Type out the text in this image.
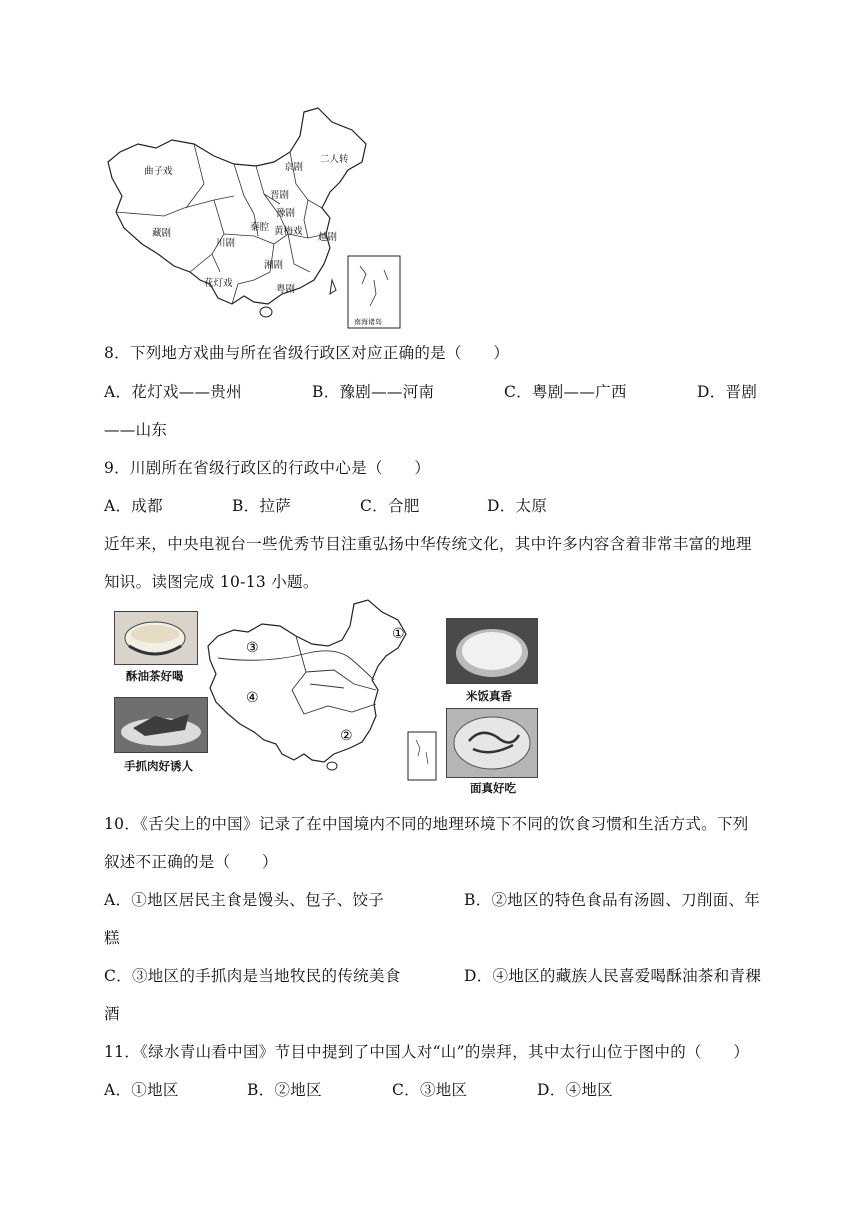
曲子戏
二人转
京剧
晋剧
豫剧
秦腔 黄梅戏
越剧
川剧
藏剧
湘剧
花灯戏
粤剧
南海诸岛
8．下列地方戏曲与所在省级行政区对应正确的是（　　）
A．花灯戏——贵州	B．豫剧——河南	C．粤剧——广西	D．晋剧
——山东
9．川剧所在省级行政区的行政中心是（　　）
A．成都	B．拉萨	C．合肥	D．太原
近年来，中央电视台一些优秀节目注重弘扬中华传统文化，其中许多内容含着非常丰富的地理
知识。读图完成 10-13 小题。
酥油茶好喝
手抓肉好诱人
①
②
③
④	米饭真香
面真好吃
10．《舌尖上的中国》记录了在中国境内不同的地理环境下不同的饮食习惯和生活方式。下列
叙述不正确的是（　　）
A．①地区居民主食是馒头、包子、饺子	B．②地区的特色食品有汤圆、刀削面、年
糕
C．③地区的手抓肉是当地牧民的传统美食	D．④地区的藏族人民喜爱喝酥油茶和青稞
酒
11．《绿水青山看中国》节目中提到了中国人对“山”的崇拜，其中太行山位于图中的（　　）
A．①地区	B．②地区	C．③地区	D．④地区
